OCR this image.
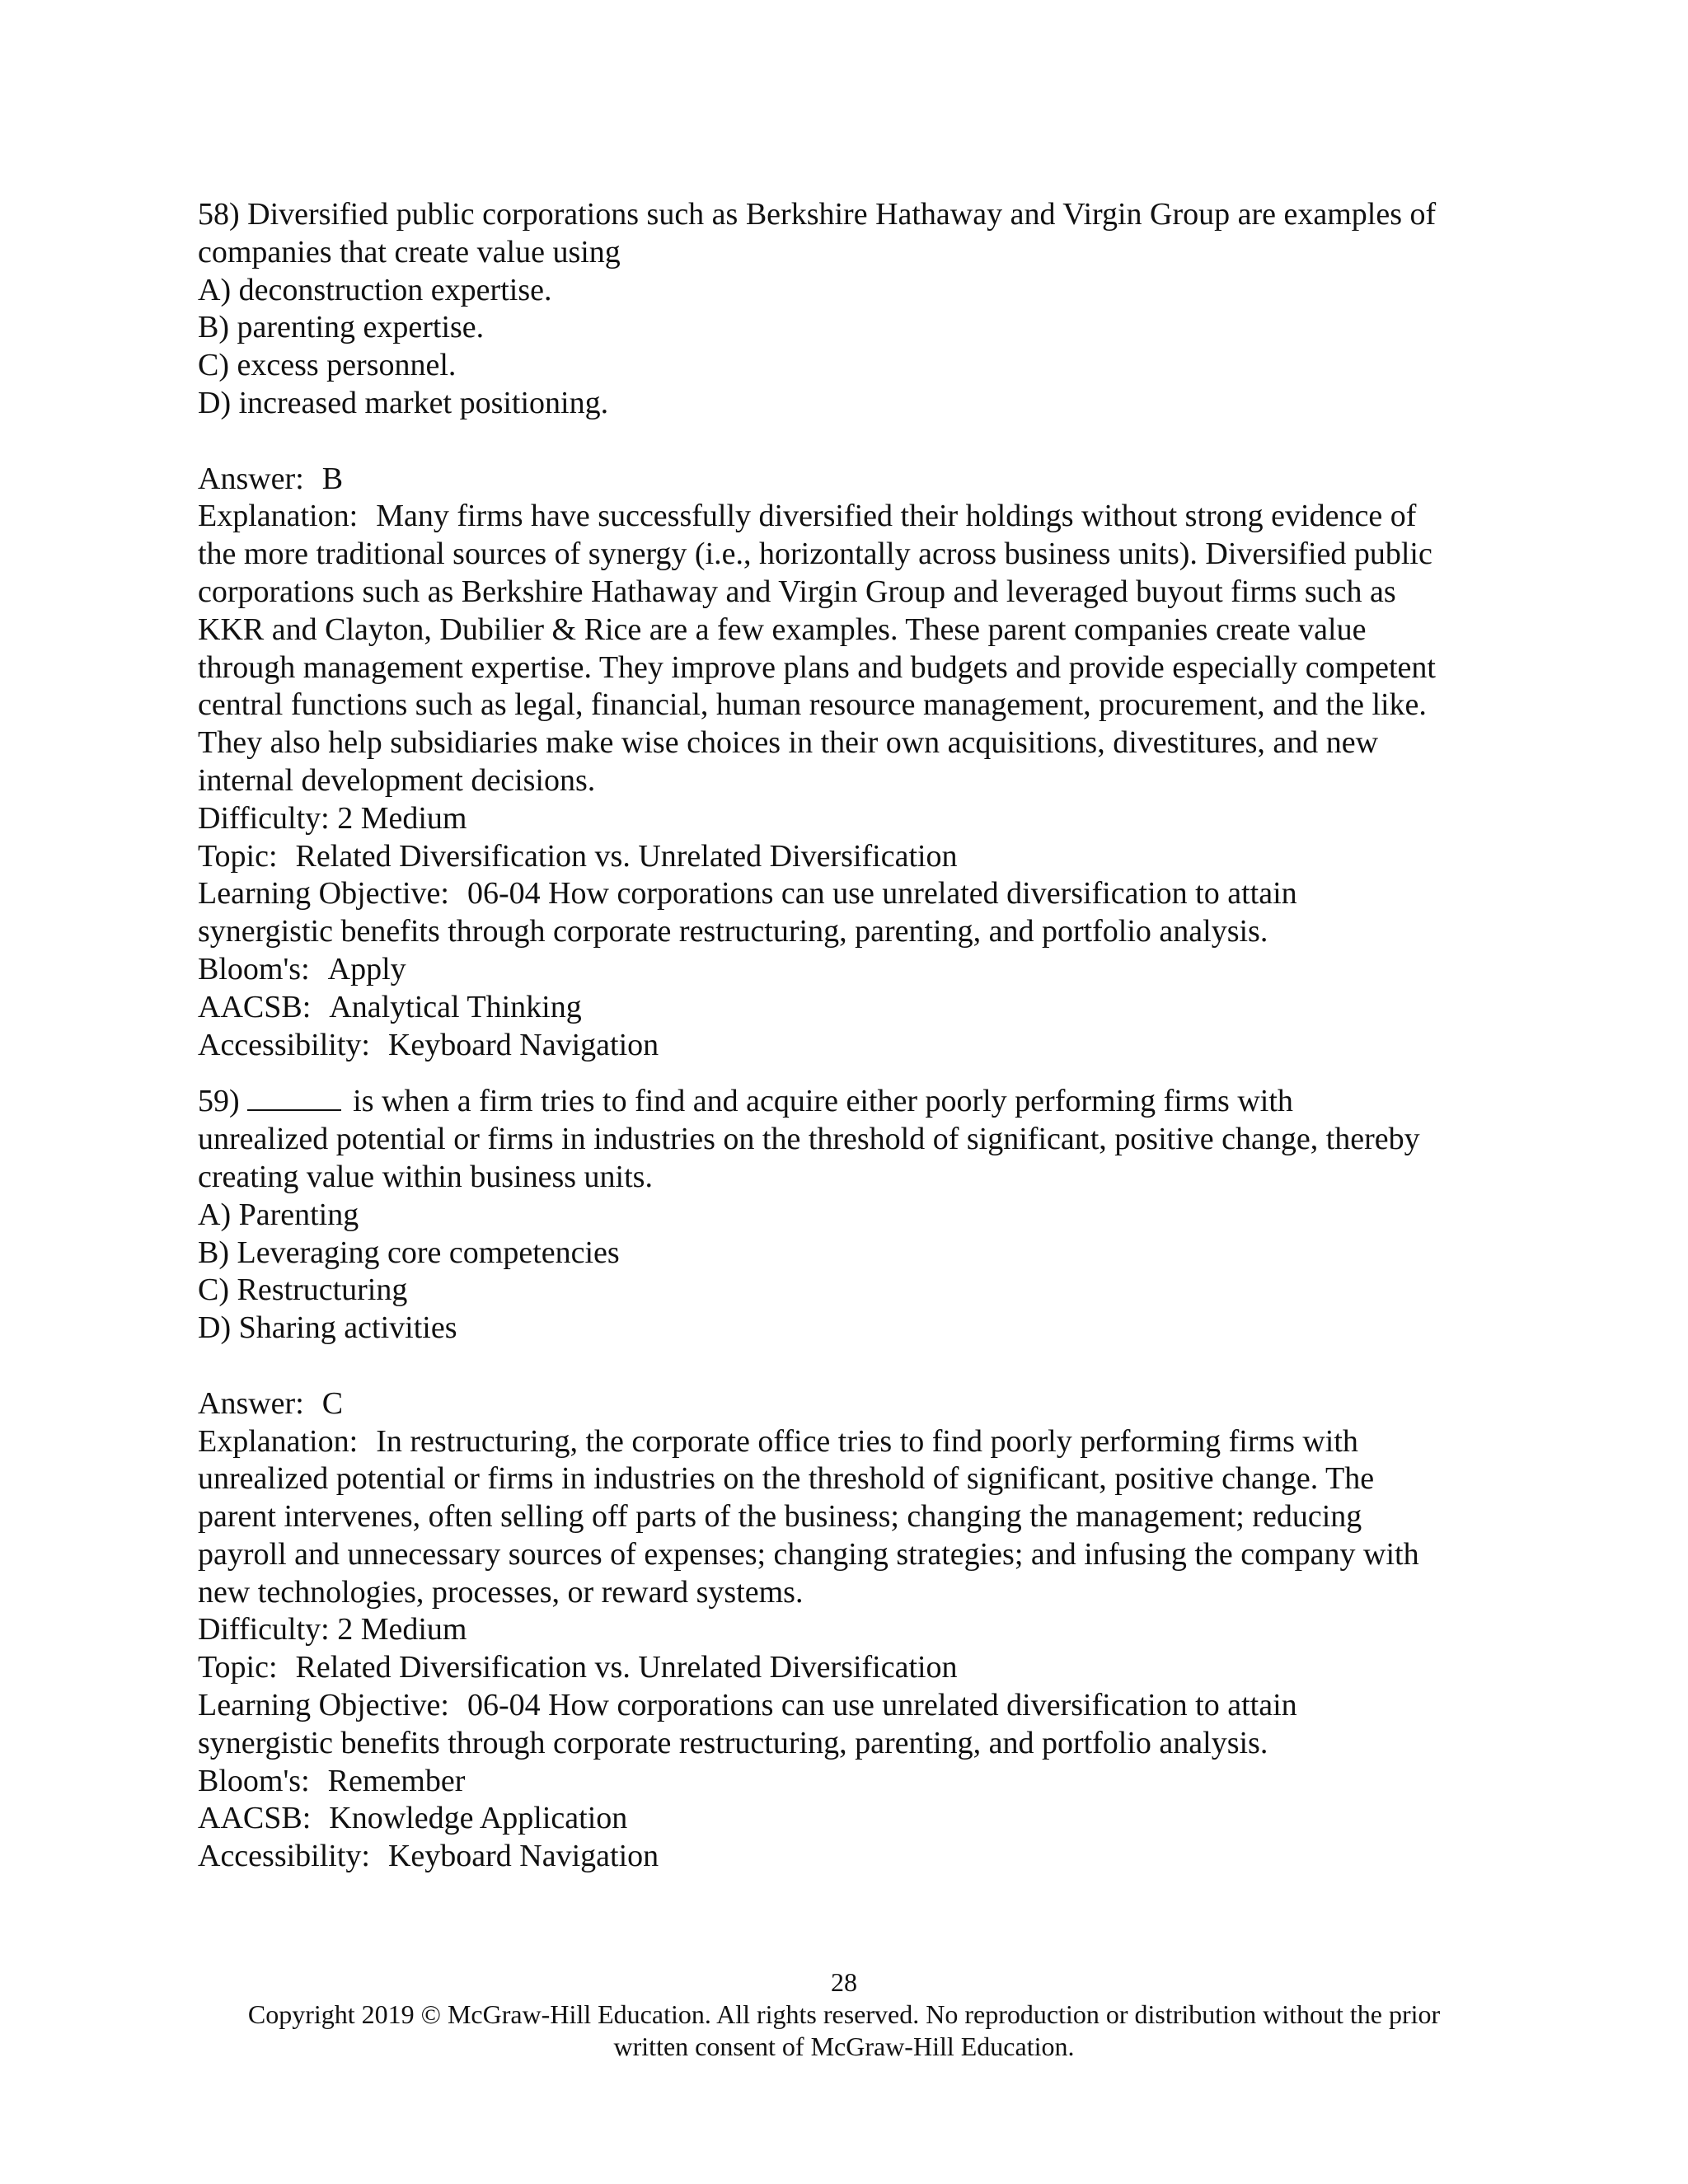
58) Diversified public corporations such as Berkshire Hathaway and Virgin Group are examples of
companies that create value using
A) deconstruction expertise.
B) parenting expertise.
C) excess personnel.
D) increased market positioning.
Answer: B
Explanation: Many firms have successfully diversified their holdings without strong evidence of
the more traditional sources of synergy (i.e., horizontally across business units). Diversified public
corporations such as Berkshire Hathaway and Virgin Group and leveraged buyout firms such as
KKR and Clayton, Dubilier & Rice are a few examples. These parent companies create value
through management expertise. They improve plans and budgets and provide especially competent
central functions such as legal, financial, human resource management, procurement, and the like.
They also help subsidiaries make wise choices in their own acquisitions, divestitures, and new
internal development decisions.
Difficulty: 2 Medium
Topic: Related Diversification vs. Unrelated Diversification
Learning Objective: 06-04 How corporations can use unrelated diversification to attain
synergistic benefits through corporate restructuring, parenting, and portfolio analysis.
Bloom's: Apply
AACSB: Analytical Thinking
Accessibility: Keyboard Navigation
59)	is when a firm tries to find and acquire either poorly performing firms with
unrealized potential or firms in industries on the threshold of significant, positive change, thereby
creating value within business units.
A) Parenting
B) Leveraging core competencies
C) Restructuring
D) Sharing activities
Answer: C
Explanation: In restructuring, the corporate office tries to find poorly performing firms with
unrealized potential or firms in industries on the threshold of significant, positive change. The
parent intervenes, often selling off parts of the business; changing the management; reducing
payroll and unnecessary sources of expenses; changing strategies; and infusing the company with
new technologies, processes, or reward systems.
Difficulty: 2 Medium
Topic: Related Diversification vs. Unrelated Diversification
Learning Objective: 06-04 How corporations can use unrelated diversification to attain
synergistic benefits through corporate restructuring, parenting, and portfolio analysis.
Bloom's: Remember
AACSB: Knowledge Application
Accessibility: Keyboard Navigation
28
Copyright 2019 © McGraw-Hill Education. All rights reserved. No reproduction or distribution without the prior
written consent of McGraw-Hill Education.
